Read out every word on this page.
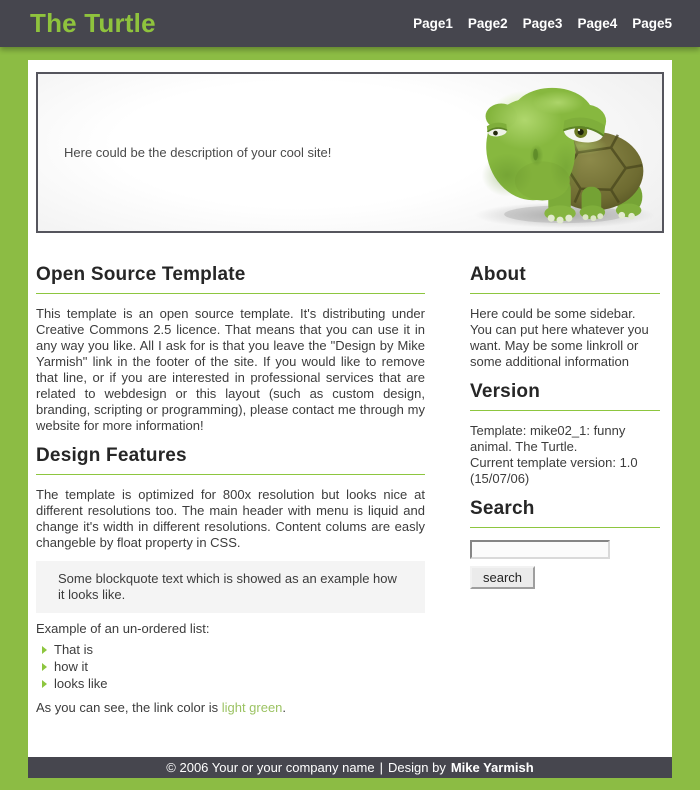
The Turtle	Page1 Page2 Page3 Page4 Page5
Here could be the description of your cool site!
Open Source Template

This template is an open source template. It's distributing under Creative Commons 2.5 licence. That means that you can use it in any way you like. All I ask for is that you leave the "Design by Mike Yarmish" link in the footer of the site. If you would like to remove that line, or if you are interested in professional services that are related to webdesign or this layout (such as custom design, branding, scripting or programming), please contact me through my website for more information!

Design Features

The template is optimized for 800x resolution but looks nice at different resolutions too. The main header with menu is liquid and change it's width in different resolutions. Content colums are easly changeble by float property in CSS.

Some blockquote text which is showed as an example how it looks like.

Example of an un-ordered list:

That is
how it
looks like

As you can see, the link color is light green.

About

Here could be some sidebar. You can put here whatever you want. May be some linkroll or some additional information

Version

Template: mike02_1: funny animal. The Turtle.
Current template version: 1.0 (15/07/06)

Search
search
© 2006 Your or your company name | Design by Mike Yarmish
